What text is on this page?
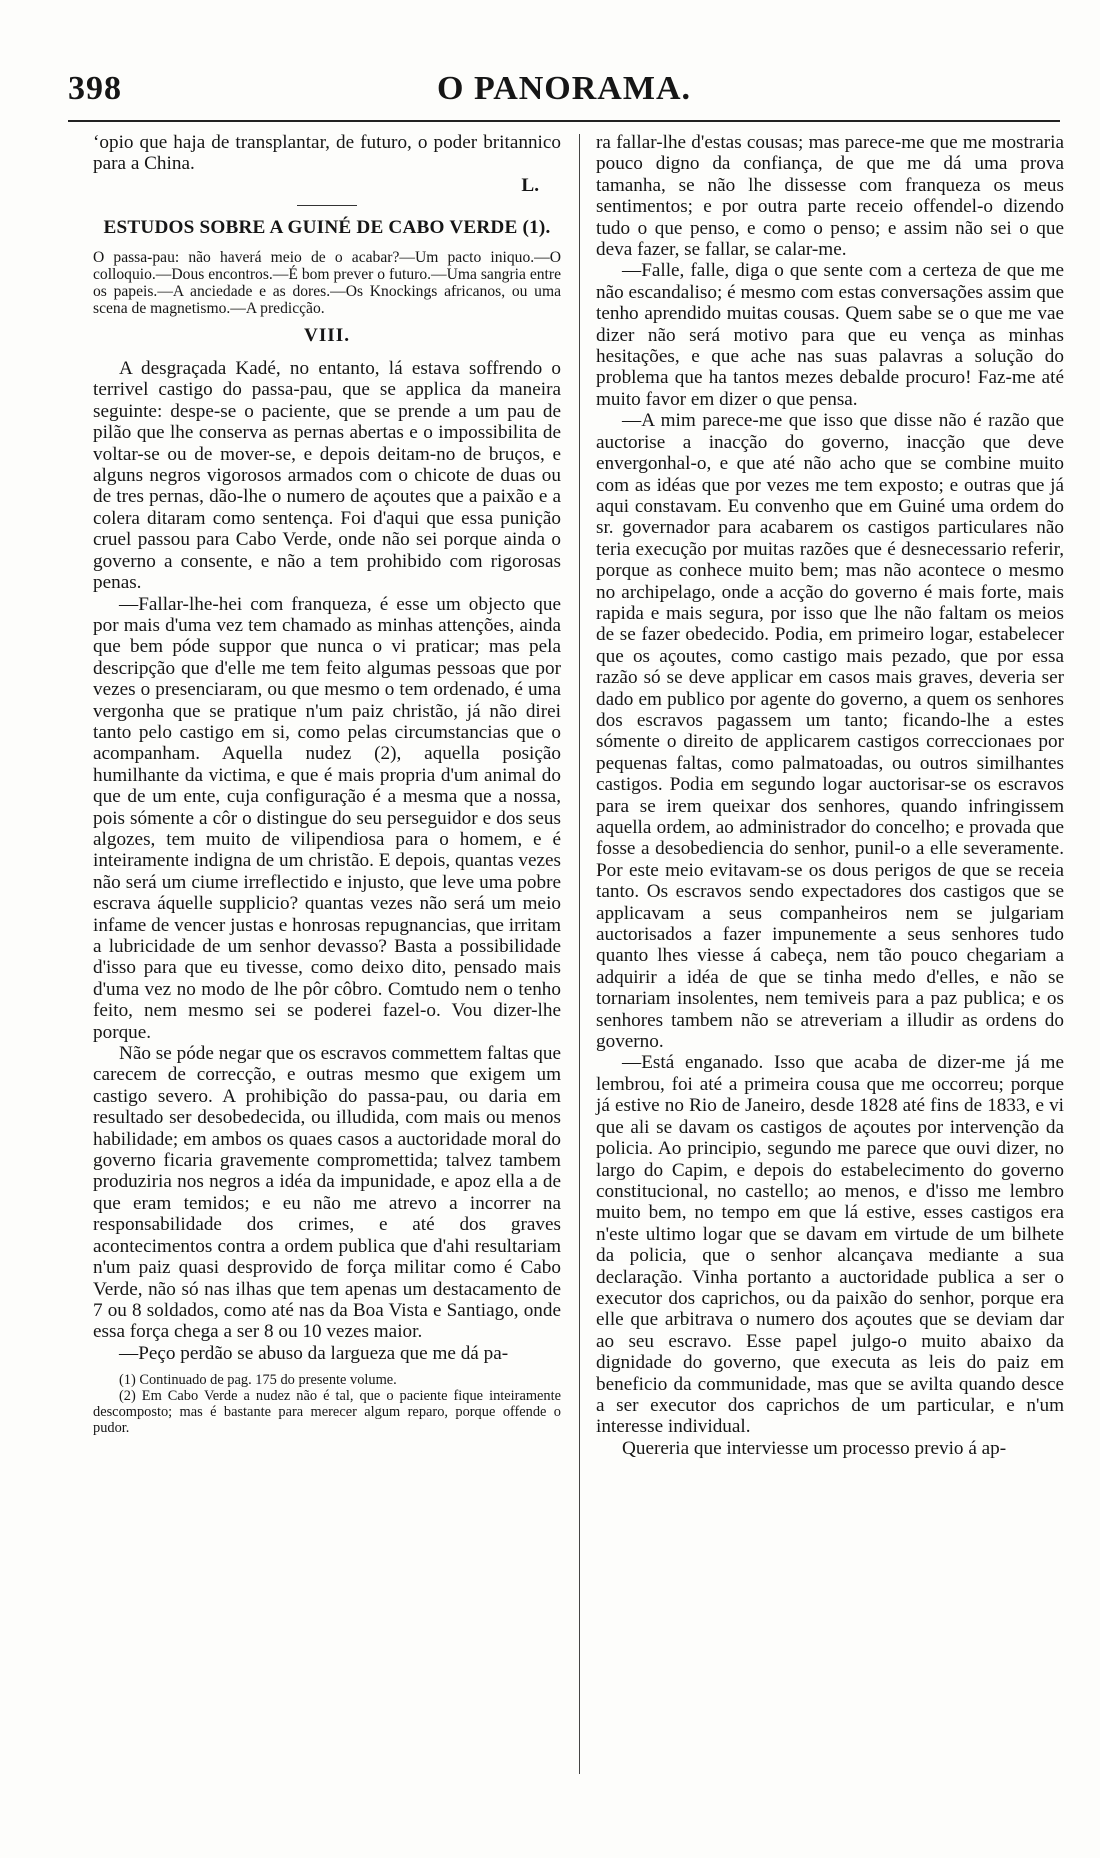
O PANORAMA.
398

ʻopio que haja de transplantar, de futuro, o poder britannico para a China.

L.

ESTUDOS SOBRE A GUINÉ DE CABO VERDE (1).

O passa-pau: não haverá meio de o acabar?—Um pacto iniquo.—O colloquio.—Dous encontros.—É bom prever o futuro.—Uma sangria entre os papeis.—A anciedade e as dores.—Os Knockings africanos, ou uma scena de magnetismo.—A predicção.

VIII.

A desgraçada Kadé, no entanto, lá estava soffrendo o terrivel castigo do passa-pau, que se applica da maneira seguinte: despe-se o paciente, que se prende a um pau de pilão que lhe conserva as pernas abertas e o impossibilita de voltar-se ou de mover-se, e depois deitam-no de bruços, e alguns negros vigorosos armados com o chicote de duas ou de tres pernas, dão-lhe o numero de açoutes que a paixão e a colera ditaram como sentença. Foi d'aqui que essa punição cruel passou para Cabo Verde, onde não sei porque ainda o governo a consente, e não a tem prohibido com rigorosas penas.

—Fallar-lhe-hei com franqueza, é esse um objecto que por mais d'uma vez tem chamado as minhas attenções, ainda que bem póde suppor que nunca o vi praticar; mas pela descripção que d'elle me tem feito algumas pessoas que por vezes o presenciaram, ou que mesmo o tem ordenado, é uma vergonha que se pratique n'um paiz christão, já não direi tanto pelo castigo em si, como pelas circumstancias que o acompanham. Aquella nudez (2), aquella posição humilhante da victima, e que é mais propria d'um animal do que de um ente, cuja configuração é a mesma que a nossa, pois sómente a côr o distingue do seu perseguidor e dos seus algozes, tem muito de vilipendiosa para o homem, e é inteiramente indigna de um christão. E depois, quantas vezes não será um ciume irreflectido e injusto, que leve uma pobre escrava áquelle supplicio? quantas vezes não será um meio infame de vencer justas e honrosas repugnancias, que irritam a lubricidade de um senhor devasso? Basta a possibilidade d'isso para que eu tivesse, como deixo dito, pensado mais d'uma vez no modo de lhe pôr côbro. Comtudo nem o tenho feito, nem mesmo sei se poderei fazel-o. Vou dizer-lhe porque.

Não se póde negar que os escravos commettem faltas que carecem de correcção, e outras mesmo que exigem um castigo severo. A prohibição do passa-pau, ou daria em resultado ser desobedecida, ou illudida, com mais ou menos habilidade; em ambos os quaes casos a auctoridade moral do governo ficaria gravemente compromettida; talvez tambem produziria nos negros a idéa da impunidade, e apoz ella a de que eram temidos; e eu não me atrevo a incorrer na responsabilidade dos crimes, e até dos graves acontecimentos contra a ordem publica que d'ahi resultariam n'um paiz quasi desprovido de força militar como é Cabo Verde, não só nas ilhas que tem apenas um destacamento de 7 ou 8 soldados, como até nas da Boa Vista e Santiago, onde essa força chega a ser 8 ou 10 vezes maior.

—Peço perdão se abuso da largueza que me dá pa-

(1) Continuado de pag. 175 do presente volume.

(2) Em Cabo Verde a nudez não é tal, que o paciente fique inteiramente descomposto; mas é bastante para merecer algum reparo, porque offende o pudor.

ra fallar-lhe d'estas cousas; mas parece-me que me mostraria pouco digno da confiança, de que me dá uma prova tamanha, se não lhe dissesse com franqueza os meus sentimentos; e por outra parte receio offendel-o dizendo tudo o que penso, e como o penso; e assim não sei o que deva fazer, se fallar, se calar-me.

—Falle, falle, diga o que sente com a certeza de que me não escandaliso; é mesmo com estas conversações assim que tenho aprendido muitas cousas. Quem sabe se o que me vae dizer não será motivo para que eu vença as minhas hesitações, e que ache nas suas palavras a solução do problema que ha tantos mezes debalde procuro! Faz-me até muito favor em dizer o que pensa.

—A mim parece-me que isso que disse não é razão que auctorise a inacção do governo, inacção que deve envergonhal-o, e que até não acho que se combine muito com as idéas que por vezes me tem exposto; e outras que já aqui constavam. Eu convenho que em Guiné uma ordem do sr. governador para acabarem os castigos particulares não teria execução por muitas razões que é desnecessario referir, porque as conhece muito bem; mas não acontece o mesmo no archipelago, onde a acção do governo é mais forte, mais rapida e mais segura, por isso que lhe não faltam os meios de se fazer obedecido. Podia, em primeiro logar, estabelecer que os açoutes, como castigo mais pezado, que por essa razão só se deve applicar em casos mais graves, deveria ser dado em publico por agente do governo, a quem os senhores dos escravos pagassem um tanto; ficando-lhe a estes sómente o direito de applicarem castigos correccionaes por pequenas faltas, como palmatoadas, ou outros similhantes castigos. Podia em segundo logar auctorisar-se os escravos para se irem queixar dos senhores, quando infringissem aquella ordem, ao administrador do concelho; e provada que fosse a desobediencia do senhor, punil-o a elle severamente. Por este meio evitavam-se os dous perigos de que se receia tanto. Os escravos sendo expectadores dos castigos que se applicavam a seus companheiros nem se julgariam auctorisados a fazer impunemente a seus senhores tudo quanto lhes viesse á cabeça, nem tão pouco chegariam a adquirir a idéa de que se tinha medo d'elles, e não se tornariam insolentes, nem temiveis para a paz publica; e os senhores tambem não se atreveriam a illudir as ordens do governo.

—Está enganado. Isso que acaba de dizer-me já me lembrou, foi até a primeira cousa que me occorreu; porque já estive no Rio de Janeiro, desde 1828 até fins de 1833, e vi que ali se davam os castigos de açoutes por intervenção da policia. Ao principio, segundo me parece que ouvi dizer, no largo do Capim, e depois do estabelecimento do governo constitucional, no castello; ao menos, e d'isso me lembro muito bem, no tempo em que lá estive, esses castigos era n'este ultimo logar que se davam em virtude de um bilhete da policia, que o senhor alcançava mediante a sua declaração. Vinha portanto a auctoridade publica a ser o executor dos caprichos, ou da paixão do senhor, porque era elle que arbitrava o numero dos açoutes que se deviam dar ao seu escravo. Esse papel julgo-o muito abaixo da dignidade do governo, que executa as leis do paiz em beneficio da communidade, mas que se avilta quando desce a ser executor dos caprichos de um particular, e n'um interesse individual.

Quereria que interviesse um processo previo á ap-
